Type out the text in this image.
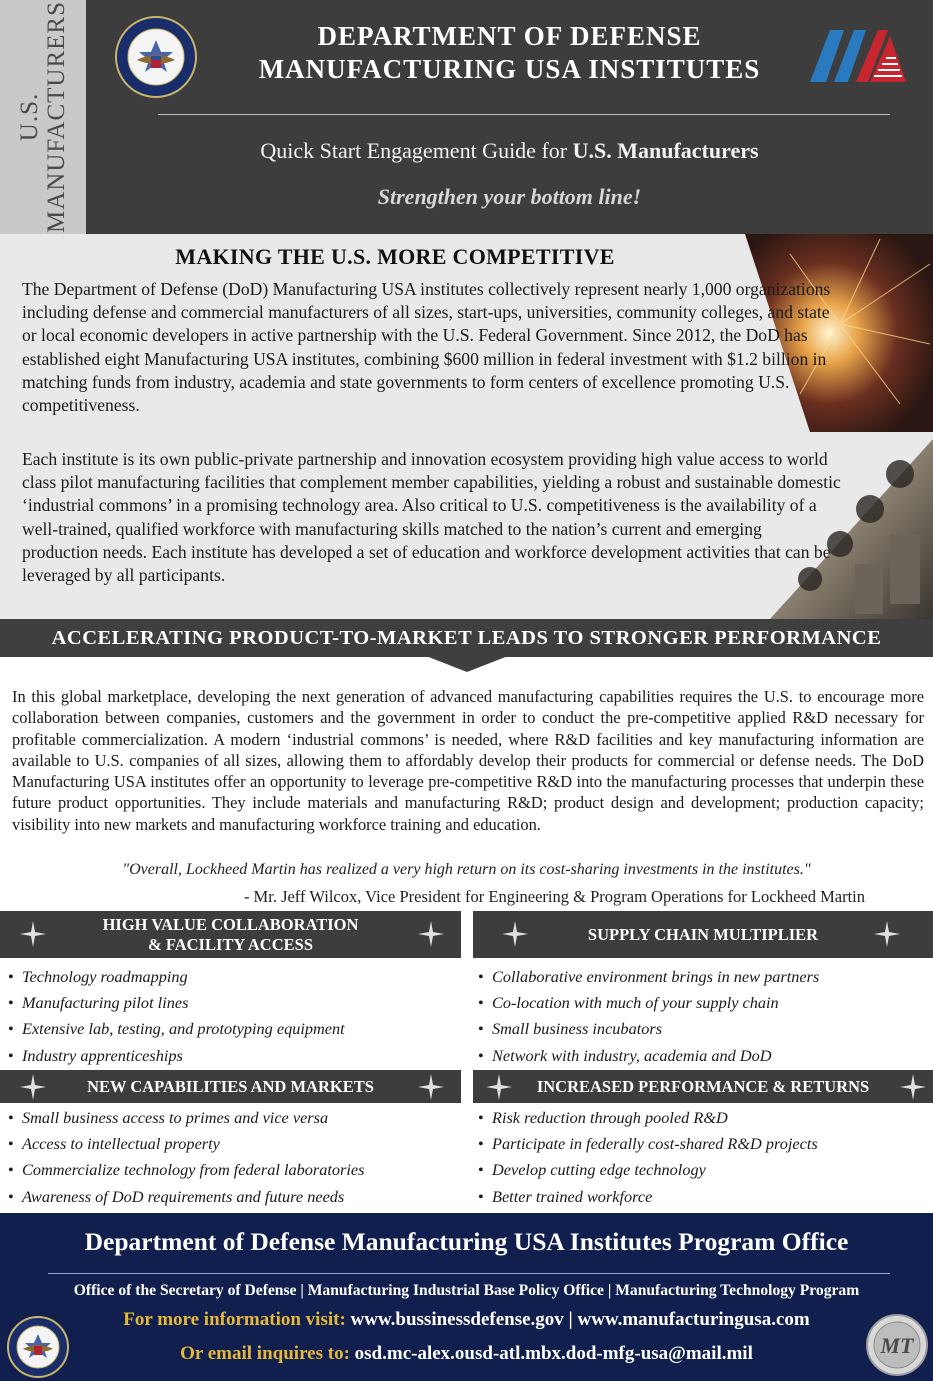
U.S. MANUFACTURERS	DEPARTMENT OF DEFENSE
MANUFACTURING USA INSTITUTES
Quick Start Engagement Guide for U.S. Manufacturers
Strengthen your bottom line!
MAKING THE U.S. MORE COMPETITIVE

The Department of Defense (DoD) Manufacturing USA institutes collectively represent nearly 1,000 organizations including defense and commercial manufacturers of all sizes, start-ups, universities, community colleges, and state or local economic developers in active partnership with the U.S. Federal Government. Since 2012, the DoD has established eight Manufacturing USA institutes, combining $600 million in federal investment with $1.2 billion in matching funds from industry, academia and state governments to form centers of excellence promoting U.S. competitiveness.

Each institute is its own public-private partnership and innovation ecosystem providing high value access to world class pilot manufacturing facilities that complement member capabilities, yielding a robust and sustainable domestic ‘industrial commons’ in a promising technology area. Also critical to U.S. competitiveness is the availability of a well-trained, qualified workforce with manufacturing skills matched to the nation’s current and emerging production needs. Each institute has developed a set of education and workforce development activities that can be leveraged by all participants.

ACCELERATING PRODUCT-TO-MARKET LEADS TO STRONGER PERFORMANCE

In this global marketplace, developing the next generation of advanced manufacturing capabilities requires the U.S. to encourage more collaboration between companies, customers and the government in order to conduct the pre-competitive applied R&D necessary for profitable commercialization. A modern ‘industrial commons’ is needed, where R&D facilities and key manufacturing information are available to U.S. companies of all sizes, allowing them to affordably develop their products for commercial or defense needs. The DoD Manufacturing USA institutes offer an opportunity to leverage pre-competitive R&D into the manufacturing processes that underpin these future product opportunities. They include materials and manufacturing R&D; product design and development; production capacity; visibility into new markets and manufacturing workforce training and education.

"Overall, Lockheed Martin has realized a very high return on its cost-sharing investments in the institutes."
- Mr. Jeff Wilcox, Vice President for Engineering & Program Operations for Lockheed Martin
HIGH VALUE COLLABORATION
& FACILITY ACCESS
• Technology roadmapping
• Manufacturing pilot lines
• Extensive lab, testing, and prototyping equipment
• Industry apprenticeships
SUPPLY CHAIN MULTIPLIER
• Collaborative environment brings in new partners
• Co-location with much of your supply chain
• Small business incubators
• Network with industry, academia and DoD
NEW CAPABILITIES AND MARKETS
• Small business access to primes and vice versa
• Access to intellectual property
• Commercialize technology from federal laboratories
• Awareness of DoD requirements and future needs
INCREASED PERFORMANCE & RETURNS
• Risk reduction through pooled R&D
• Participate in federally cost-shared R&D projects
• Develop cutting edge technology
• Better trained workforce
Department of Defense Manufacturing USA Institutes Program Office
Office of the Secretary of Defense | Manufacturing Industrial Base Policy Office | Manufacturing Technology Program
For more information visit: www.bussinessdefense.gov | www.manufacturingusa.com
Or email inquires to: osd.mc-alex.ousd-atl.mbx.dod-mfg-usa@mail.mil	MT
